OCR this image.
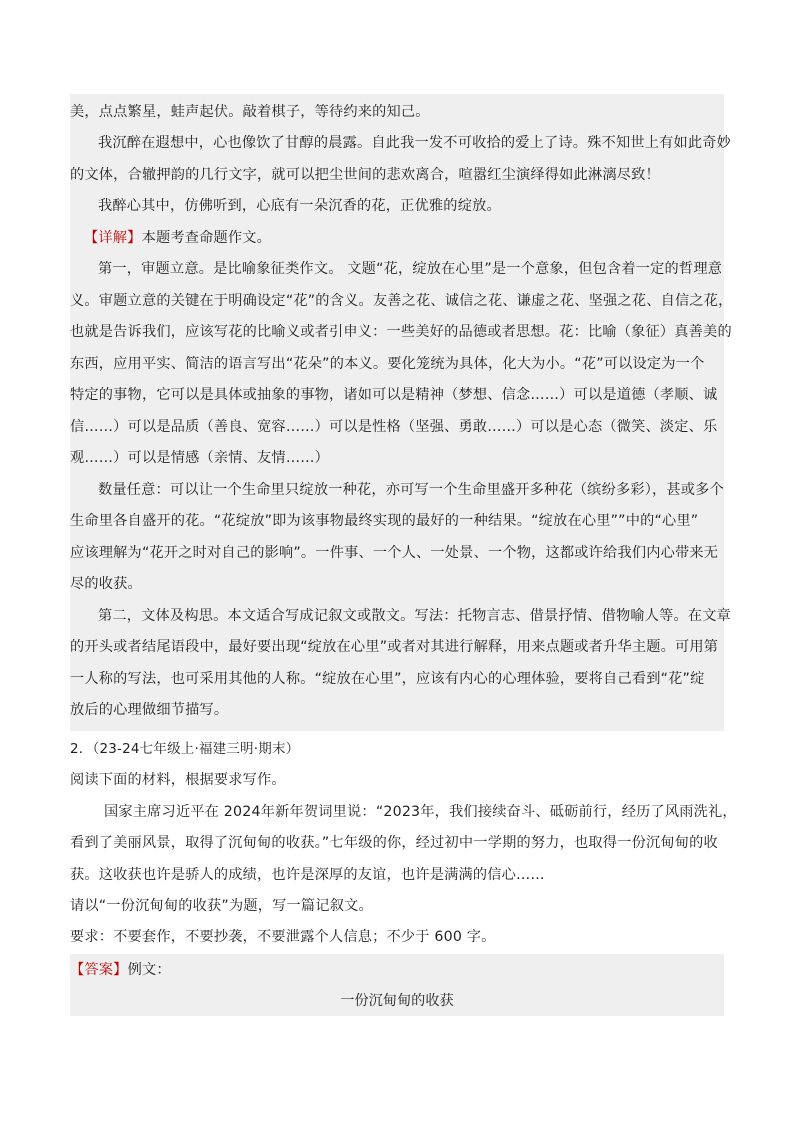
美，点点繁星，蛙声起伏。敲着棋子，等待约来的知己。

我沉醉在遐想中，心也像饮了甘醇的晨露。自此我一发不可收拾的爱上了诗。殊不知世上有如此奇妙

的文体，合辙押韵的几行文字，就可以把尘世间的悲欢离合，喧嚣红尘演绎得如此淋漓尽致！

我醉心其中，仿佛听到，心底有一朵沉香的花，正优雅的绽放。

【详解】本题考查命题作文。

第一，审题立意。是比喻象征类作文。 文题“花，绽放在心里”是一个意象，但包含着一定的哲理意

义。审题立意的关键在于明确设定“花”的含义。友善之花、诚信之花、谦虚之花、坚强之花、自信之花，

也就是告诉我们，应该写花的比喻义或者引申义：一些美好的品德或者思想。花：比喻（象征）真善美的

东西，应用平实、简洁的语言写出“花朵”的本义。要化笼统为具体，化大为小。“花”可以设定为一个

特定的事物，它可以是具体或抽象的事物，诸如可以是精神（梦想、信念……）可以是道德（孝顺、诚

信……）可以是品质（善良、宽容……）可以是性格（坚强、勇敢……）可以是心态（微笑、淡定、乐

观……）可以是情感（亲情、友情……）

数量任意：可以让一个生命里只绽放一种花，亦可写一个生命里盛开多种花（缤纷多彩），甚或多个

生命里各自盛开的花。“花绽放”即为该事物最终实现的最好的一种结果。“绽放在心里””中的“心里”

应该理解为“花开之时对自己的影响”。一件事、一个人、一处景、一个物，这都或许给我们内心带来无

尽的收获。

第二，文体及构思。本文适合写成记叙文或散文。写法：托物言志、借景抒情、借物喻人等。在文章

的开头或者结尾语段中，最好要出现“绽放在心里”或者对其进行解释，用来点题或者升华主题。可用第

一人称的写法，也可采用其他的人称。“绽放在心里”，应该有内心的心理体验，要将自己看到“花”绽

放后的心理做细节描写。

2．（23-24七年级上·福建三明·期末）

阅读下面的材料，根据要求写作。

国家主席习近平在 2024年新年贺词里说：“2023年，我们接续奋斗、砥砺前行，经历了风雨洗礼，

看到了美丽风景，取得了沉甸甸的收获。”七年级的你，经过初中一学期的努力，也取得一份沉甸甸的收

获。这收获也许是骄人的成绩，也许是深厚的友谊，也许是满满的信心……

请以“一份沉甸甸的收获”为题，写一篇记叙文。

要求：不要套作，不要抄袭，不要泄露个人信息；不少于 600 字。

【答案】例文：

一份沉甸甸的收获
